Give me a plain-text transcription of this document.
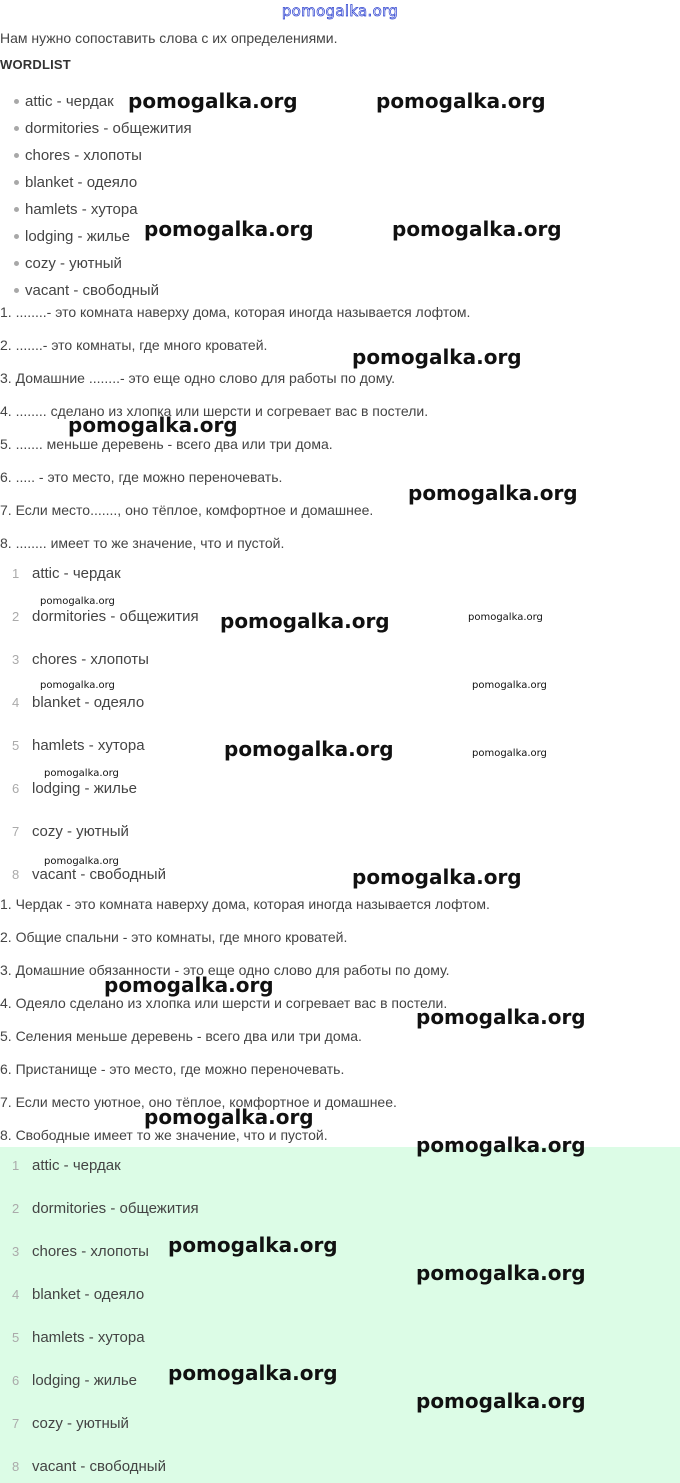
pomogalka.org
Нам нужно сопоставить слова с их определениями.
WORDLIST
attic - чердак
dormitories - общежития
chores - хлопоты
blanket - одеяло
hamlets - хутора
lodging - жилье
cozy - уютный
vacant - свободный
1. ........- это комната наверху дома, которая иногда называется лофтом.
2. .......- это комнаты, где много кроватей.
3. Домашние ........- это еще одно слово для работы по дому.
4. ........ сделано из хлопка или шерсти и согревает вас в постели.
5. ....... меньше деревень - всего два или три дома.
6. ..... - это место, где можно переночевать.
7. Если место......., оно тёплое, комфортное и домашнее.
8. ........ имеет то же значение, что и пустой.
1 attic - чердак
2 dormitories - общежития
3 chores - хлопоты
4 blanket - одеяло
5 hamlets - хутора
6 lodging - жилье
7 cozy - уютный
8 vacant - свободный
1. Чердак - это комната наверху дома, которая иногда называется лофтом.
2. Общие спальни - это комнаты, где много кроватей.
3. Домашние обязанности - это еще одно слово для работы по дому.
4. Одеяло сделано из хлопка или шерсти и согревает вас в постели.
5. Селения меньше деревень - всего два или три дома.
6. Пристанище - это место, где можно переночевать.
7. Если место уютное, оно тёплое, комфортное и домашнее.
8. Свободные имеет то же значение, что и пустой.
1 attic - чердак
2 dormitories - общежития
3 chores - хлопоты
4 blanket - одеяло
5 hamlets - хутора
6 lodging - жилье
7 cozy - уютный
8 vacant - свободный
pomogalka.org	pomogalka.org
pomogalka.org	pomogalka.org
pomogalka.org
pomogalka.org
pomogalka.org
pomogalka.org
pomogalka.org
pomogalka.org
pomogalka.org
pomogalka.org
pomogalka.org
pomogalka.org
pomogalka.org
pomogalka.org
pomogalka.org
pomogalka.org
pomogalka.org
pomogalka.org
pomogalka.org	pomogalka.org
pomogalka.org
pomogalka.org
pomogalka.org
